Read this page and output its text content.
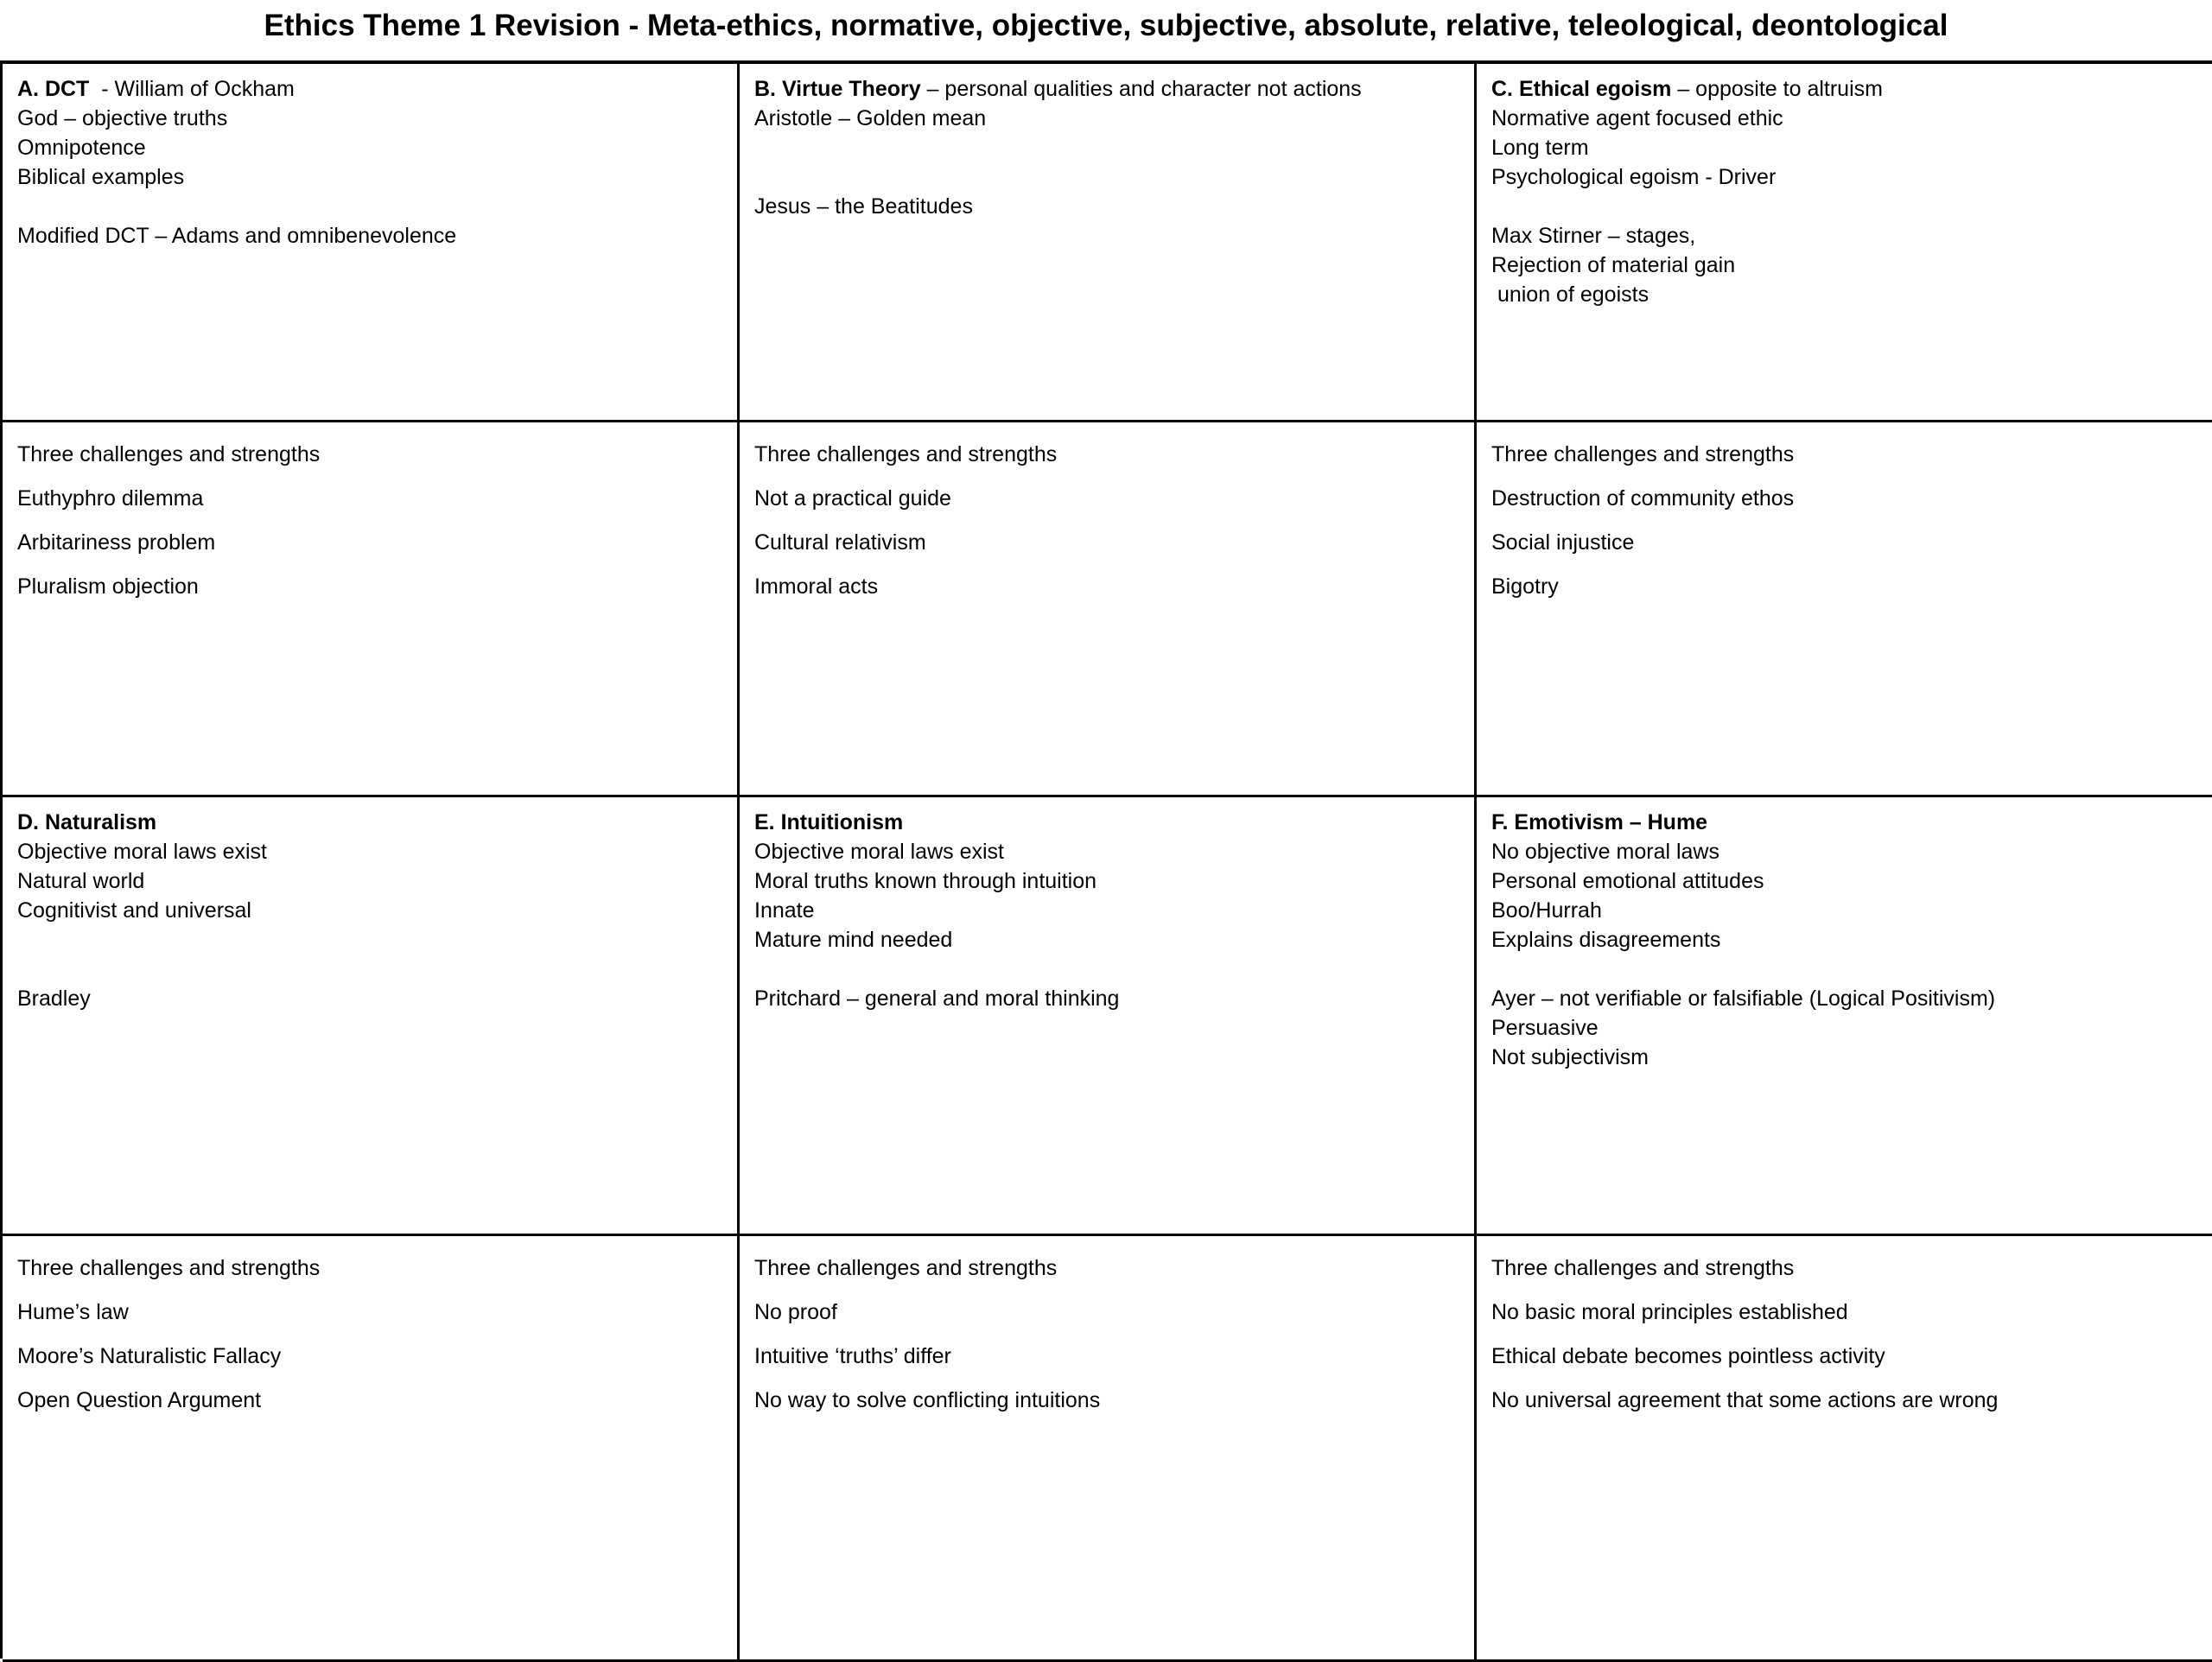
Ethics Theme 1 Revision - Meta-ethics, normative, objective, subjective, absolute, relative, teleological, deontological
A. DCT  - William of Ockham
God – objective truths
Omnipotence
Biblical examples
Modified DCT – Adams and omnibenevolence
B. Virtue Theory – personal qualities and character not actions
Aristotle – Golden mean
Jesus – the Beatitudes
C. Ethical egoism – opposite to altruism
Normative agent focused ethic
Long term
Psychological egoism - Driver
Max Stirner – stages,
Rejection of material gain
union of egoists
Three challenges and strengths
Euthyphro dilemma
Arbitariness problem
Pluralism objection
Three challenges and strengths
Not a practical guide
Cultural relativism
Immoral acts
Three challenges and strengths
Destruction of community ethos
Social injustice
Bigotry
D. Naturalism
Objective moral laws exist
Natural world
Cognitivist and universal
Bradley
E. Intuitionism
Objective moral laws exist
Moral truths known through intuition
Innate
Mature mind needed
Pritchard – general and moral thinking
F. Emotivism – Hume
No objective moral laws
Personal emotional attitudes
Boo/Hurrah
Explains disagreements
Ayer – not verifiable or falsifiable (Logical Positivism)
Persuasive
Not subjectivism
Three challenges and strengths
Hume’s law
Moore’s Naturalistic Fallacy
Open Question Argument
Three challenges and strengths
No proof
Intuitive ‘truths’ differ
No way to solve conflicting intuitions
Three challenges and strengths
No basic moral principles established
Ethical debate becomes pointless activity
No universal agreement that some actions are wrong
